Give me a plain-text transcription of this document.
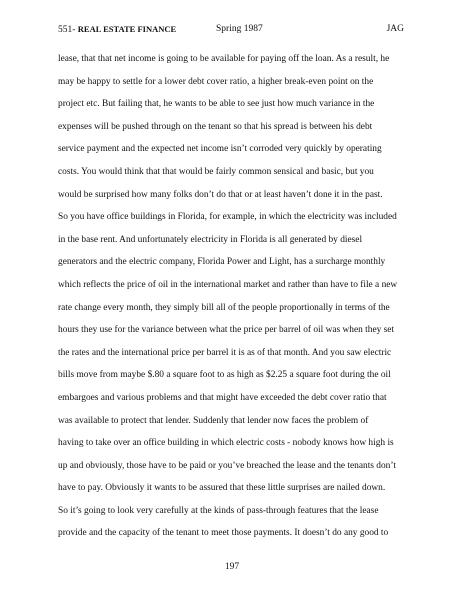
551- REAL ESTATE FINANCE	Spring 1987	JAG
lease, that that net income is going to be available for paying off the loan. As a result, he
may be happy to settle for a lower debt cover ratio, a higher break-even point on the
project etc. But failing that, he wants to be able to see just how much variance in the
expenses will be pushed through on the tenant so that his spread is between his debt
service payment and the expected net income isn’t corroded very quickly by operating
costs. You would think that that would be fairly common sensical and basic, but you
would be surprised how many folks don’t do that or at least haven’t done it in the past.
So you have office buildings in Florida, for example, in which the electricity was included
in the base rent. And unfortunately electricity in Florida is all generated by diesel
generators and the electric company, Florida Power and Light, has a surcharge monthly
which reflects the price of oil in the international market and rather than have to file a new
rate change every month, they simply bill all of the people proportionally in terms of the
hours they use for the variance between what the price per barrel of oil was when they set
the rates and the international price per barrel it is as of that month. And you saw electric
bills move from maybe $.80 a square foot to as high as $2.25 a square foot during the oil
embargoes and various problems and that might have exceeded the debt cover ratio that
was available to protect that lender. Suddenly that lender now faces the problem of
having to take over an office building in which electric costs - nobody knows how high is
up and obviously, those have to be paid or you’ve breached the lease and the tenants don’t
have to pay. Obviously it wants to be assured that these little surprises are nailed down.
So it’s going to look very carefully at the kinds of pass-through features that the lease
provide and the capacity of the tenant to meet those payments. It doesn’t do any good to
197
